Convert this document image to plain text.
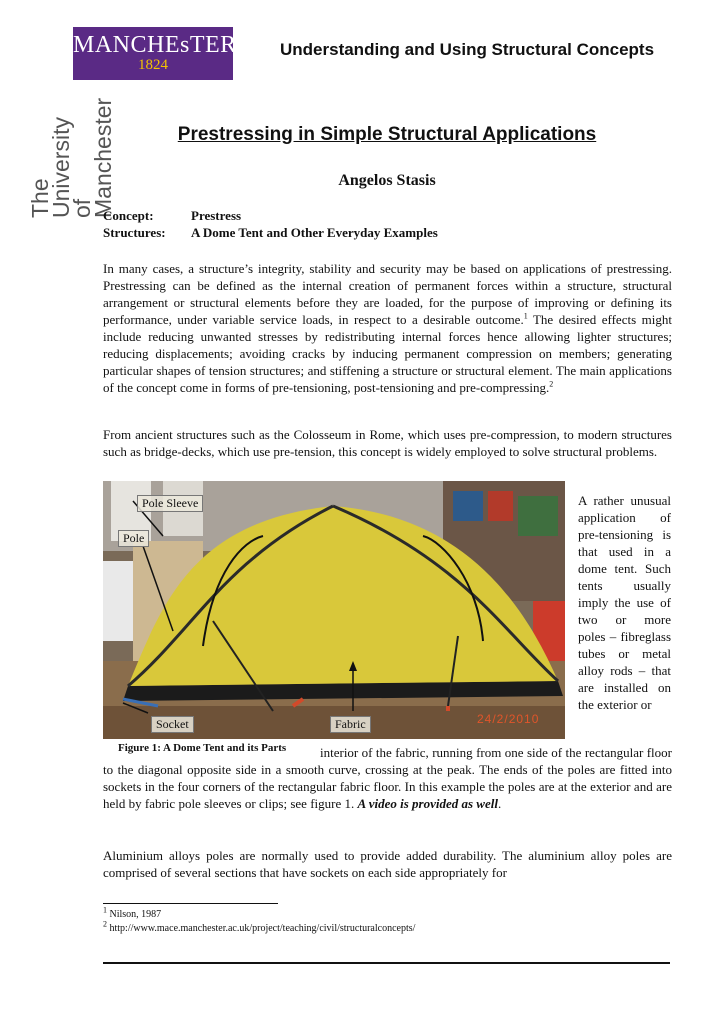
MANCHEsTER
1824
The University
of Manchester
Understanding and Using Structural Concepts
Prestressing in Simple Structural Applications
Angelos Stasis
Concept:	Prestress
Structures: A Dome Tent and Other Everyday Examples

In many cases, a structure’s integrity, stability and security may be based on applications of prestressing. Prestressing can be defined as the internal creation of permanent forces within a structure, structural arrangement or structural elements before they are loaded, for the purpose of improving or defining its performance, under variable service loads, in respect to a desirable outcome.$^1$ The desired effects might include reducing unwanted stresses by redistributing internal forces hence allowing lighter structures; reducing displacements; avoiding cracks by inducing permanent compression on members; generating particular shapes of tension structures; and stiffening a structure or structural element. The main applications of the concept come in forms of pre-tensioning, post-tensioning and pre-compressing.$^2$

From ancient structures such as the Colosseum in Rome, which uses pre-compression, to modern structures such as bridge-decks, which use pre-tension, this concept is widely employed to solve structural problems.

Pole Sleeve
Pole
Socket	Fabric	24/2/2010
Figure 1: A Dome Tent and its Parts

A rather unusual application of pre-tensioning is that used in a dome tent. Such tents usually imply the use of two or more poles – fibreglass tubes or metal alloy rods – that are installed on the exterior or

interior of the fabric, running from one side of the rectangular floor to the diagonal opposite side in a smooth curve, crossing at the peak. The ends of the poles are fitted into sockets in the four corners of the rectangular fabric floor. In this example the poles are at the exterior and are held by fabric pole sleeves or clips; see figure 1. A video is provided as well.

Aluminium alloys poles are normally used to provide added durability. The aluminium alloy poles are comprised of several sections that have sockets on each side appropriately for

$^1$ Nilson, 1987
$^2$ http://www.mace.manchester.ac.uk/project/teaching/civil/structuralconcepts/
